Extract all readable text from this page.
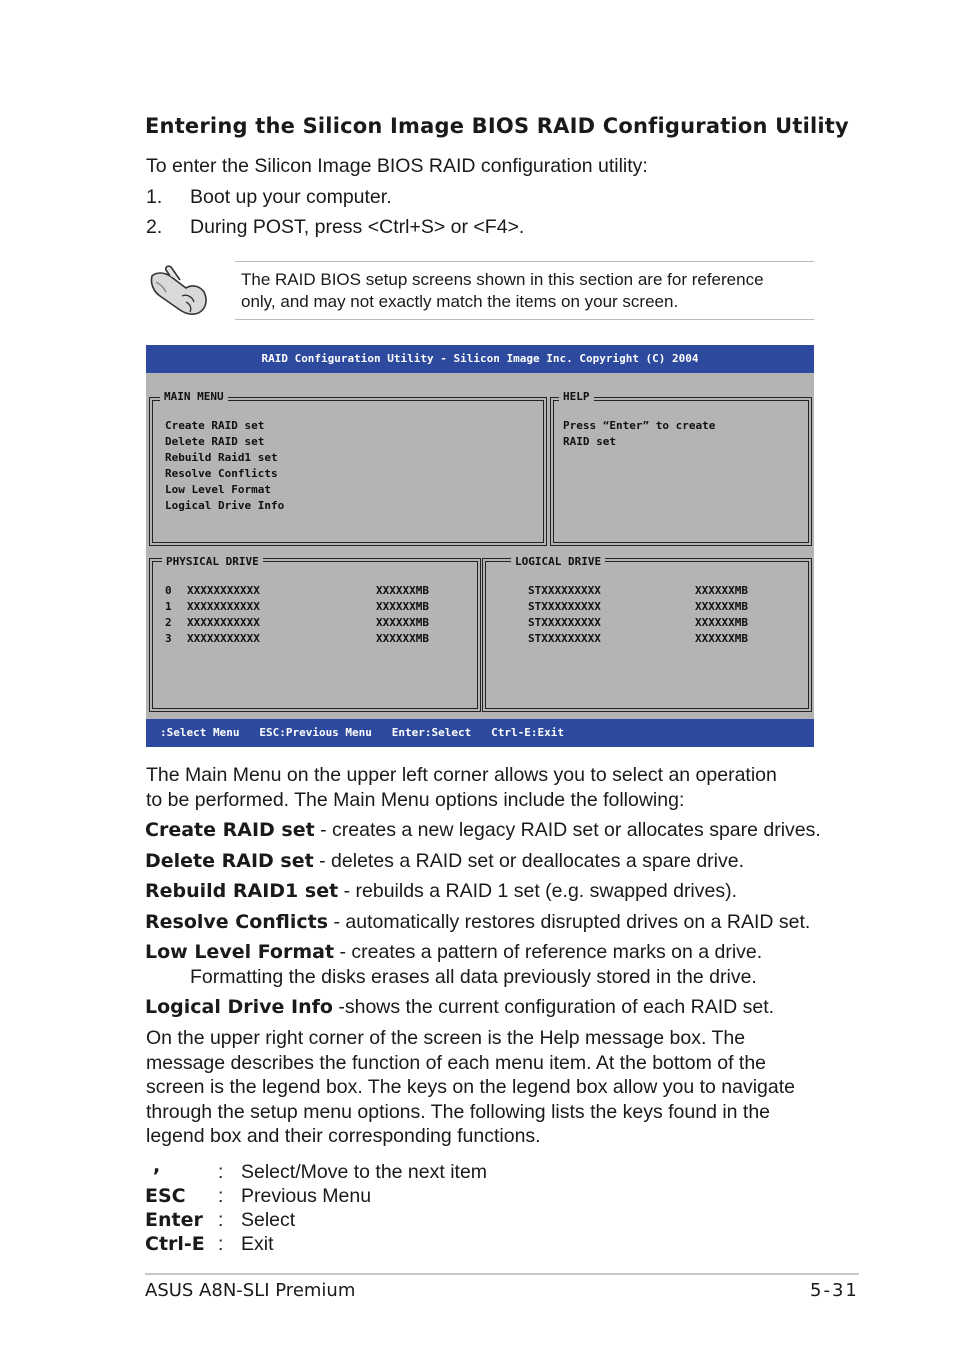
Entering the Silicon Image BIOS RAID Configuration Utility
To enter the Silicon Image BIOS RAID configuration utility:
1. Boot up your computer.
2. During POST, press <Ctrl+S> or <F4>.
The RAID BIOS setup screens shown in this section are for reference
only, and may not exactly match the items on your screen.
RAID Configuration Utility - Silicon Image Inc. Copyright (C) 2004
MAIN MENU
Create RAID set
Delete RAID set
Rebuild Raid1 set
Resolve Conflicts
Low Level Format
Logical Drive Info
HELP
Press “Enter” to create
RAID set
PHYSICAL DRIVE
0 XXXXXXXXXXX	XXXXXXMB
1 XXXXXXXXXXX	XXXXXXMB
2 XXXXXXXXXXX	XXXXXXMB
3 XXXXXXXXXXX	XXXXXXMB
LOGICAL DRIVE
STXXXXXXXXX	XXXXXXMB
STXXXXXXXXX	XXXXXXMB
STXXXXXXXXX	XXXXXXMB
STXXXXXXXXX	XXXXXXMB
:Select Menu   ESC:Previous Menu   Enter:Select   Ctrl-E:Exit
The Main Menu on the upper left corner allows you to select an operation
to be performed. The Main Menu options include the following:
Create RAID set - creates a new legacy RAID set or allocates spare drives.
Delete RAID set - deletes a RAID set or deallocates a spare drive.
Rebuild RAID1 set - rebuilds a RAID 1 set (e.g. swapped drives).
Resolve Conflicts - automatically restores disrupted drives on a RAID set.
Low Level Format - creates a pattern of reference marks on a drive.
Formatting the disks erases all data previously stored in the drive.
Logical Drive Info -shows the current configuration of each RAID set.
On the upper right corner of the screen is the Help message box. The
message describes the function of each menu item. At the bottom of the
screen is the legend box. The keys on the legend box allow you to navigate
through the setup menu options. The following lists the keys found in the
legend box and their corresponding functions.
,	: Select/Move to the next item
ESC : Previous Menu
Enter : Select
Ctrl-E : Exit
ASUS A8N-SLI Premium	5-31
